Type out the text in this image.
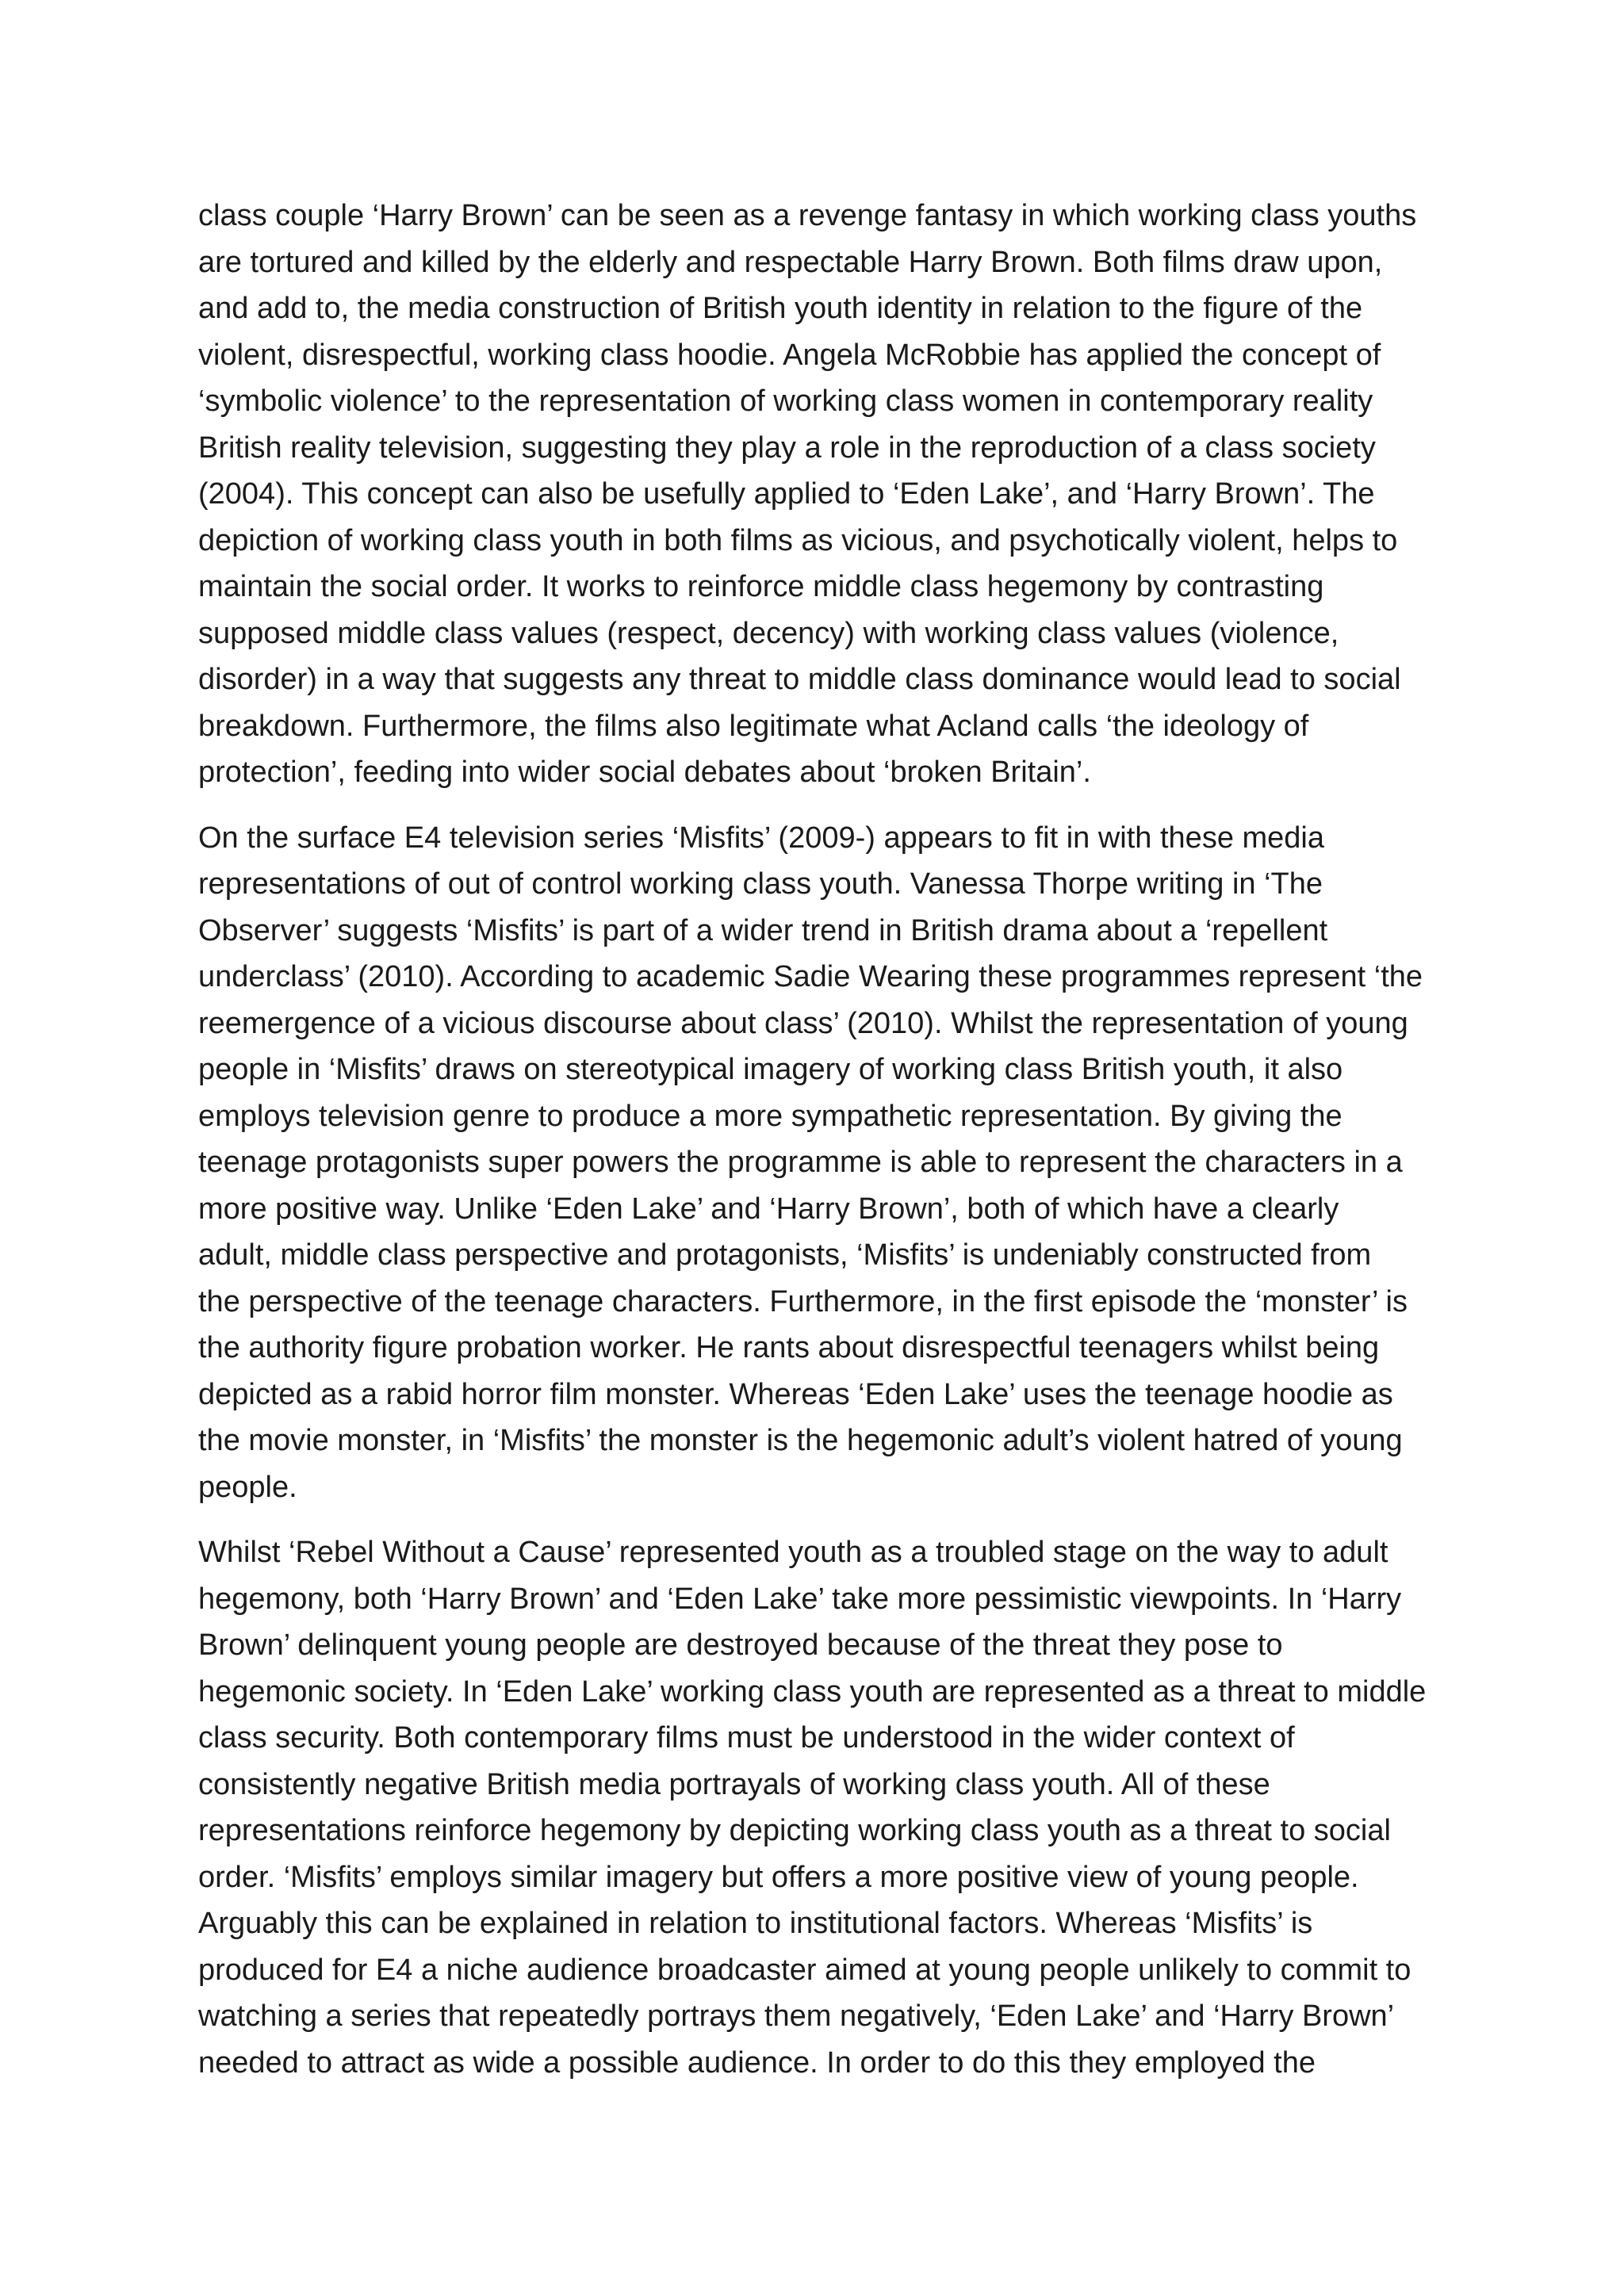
class couple ‘Harry Brown’ can be seen as a revenge fantasy in which working class youths
are tortured and killed by the elderly and respectable Harry Brown. Both films draw upon,
and add to, the media construction of British youth identity in relation to the figure of the
violent, disrespectful, working class hoodie. Angela McRobbie has applied the concept of
‘symbolic violence’ to the representation of working class women in contemporary reality
British reality television, suggesting they play a role in the reproduction of a class society
(2004). This concept can also be usefully applied to ‘Eden Lake’, and ‘Harry Brown’. The
depiction of working class youth in both films as vicious, and psychotically violent, helps to
maintain the social order. It works to reinforce middle class hegemony by contrasting
supposed middle class values (respect, decency) with working class values (violence,
disorder) in a way that suggests any threat to middle class dominance would lead to social
breakdown. Furthermore, the films also legitimate what Acland calls ‘the ideology of
protection’, feeding into wider social debates about ‘broken Britain’.

On the surface E4 television series ‘Misfits’ (2009-) appears to fit in with these media
representations of out of control working class youth. Vanessa Thorpe writing in ‘The
Observer’ suggests ‘Misfits’ is part of a wider trend in British drama about a ‘repellent
underclass’ (2010). According to academic Sadie Wearing these programmes represent ‘the
reemergence of a vicious discourse about class’ (2010). Whilst the representation of young
people in ‘Misfits’ draws on stereotypical imagery of working class British youth, it also
employs television genre to produce a more sympathetic representation. By giving the
teenage protagonists super powers the programme is able to represent the characters in a
more positive way. Unlike ‘Eden Lake’ and ‘Harry Brown’, both of which have a clearly
adult, middle class perspective and protagonists, ‘Misfits’ is undeniably constructed from
the perspective of the teenage characters. Furthermore, in the first episode the ‘monster’ is
the authority figure probation worker. He rants about disrespectful teenagers whilst being
depicted as a rabid horror film monster. Whereas ‘Eden Lake’ uses the teenage hoodie as
the movie monster, in ‘Misfits’ the monster is the hegemonic adult’s violent hatred of young
people.

Whilst ‘Rebel Without a Cause’ represented youth as a troubled stage on the way to adult
hegemony, both ‘Harry Brown’ and ‘Eden Lake’ take more pessimistic viewpoints. In ‘Harry
Brown’ delinquent young people are destroyed because of the threat they pose to
hegemonic society. In ‘Eden Lake’ working class youth are represented as a threat to middle
class security. Both contemporary films must be understood in the wider context of
consistently negative British media portrayals of working class youth. All of these
representations reinforce hegemony by depicting working class youth as a threat to social
order. ‘Misfits’ employs similar imagery but offers a more positive view of young people.
Arguably this can be explained in relation to institutional factors. Whereas ‘Misfits’ is
produced for E4 a niche audience broadcaster aimed at young people unlikely to commit to
watching a series that repeatedly portrays them negatively, ‘Eden Lake’ and ‘Harry Brown’
needed to attract as wide a possible audience. In order to do this they employed the
